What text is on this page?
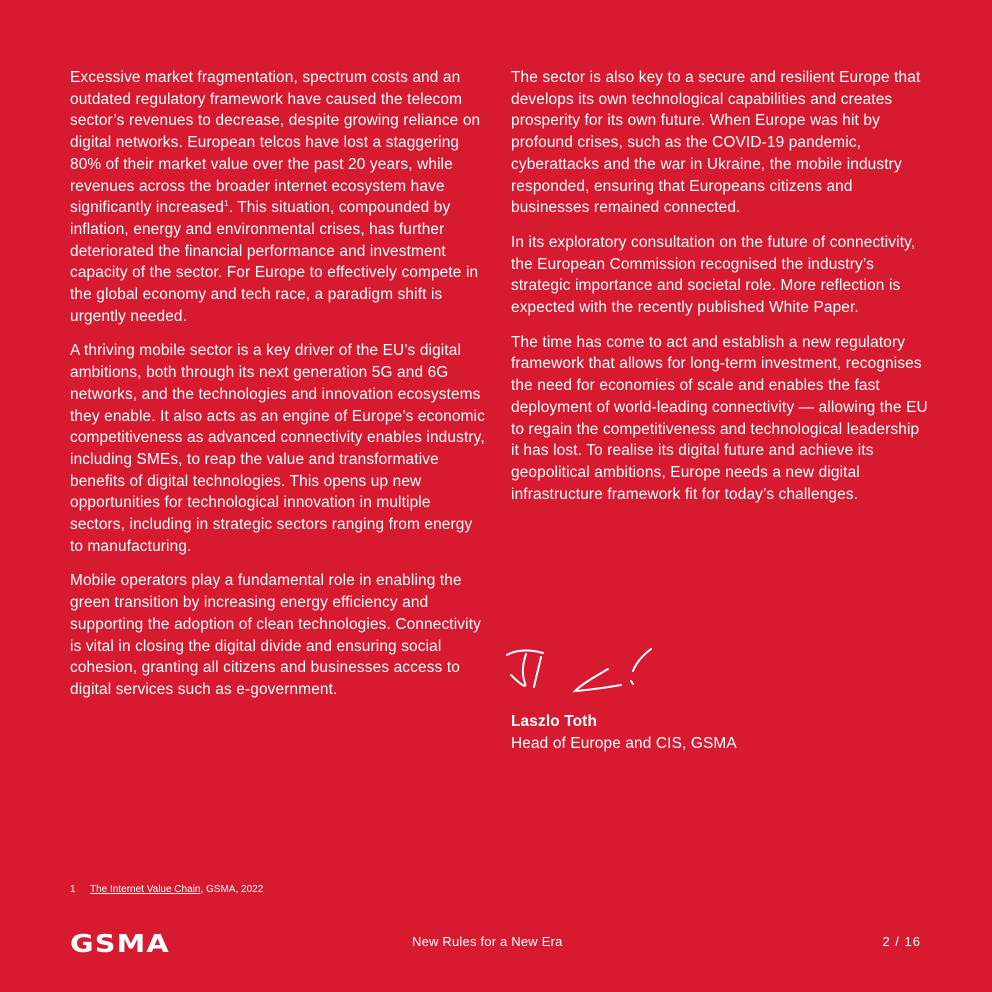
Excessive market fragmentation, spectrum costs and an outdated regulatory framework have caused the telecom sector’s revenues to decrease, despite growing reliance on digital networks. European telcos have lost a staggering 80% of their market value over the past 20 years, while revenues across the broader internet ecosystem have significantly increased$^1$. This situation, compounded by inflation, energy and environmental crises, has further deteriorated the financial performance and investment capacity of the sector. For Europe to effectively compete in the global economy and tech race, a paradigm shift is urgently needed.

A thriving mobile sector is a key driver of the EU’s digital ambitions, both through its next generation 5G and 6G networks, and the technologies and innovation ecosystems they enable. It also acts as an engine of Europe’s economic competitiveness as advanced connectivity enables industry, including SMEs, to reap the value and transformative benefits of digital technologies. This opens up new opportunities for technological innovation in multiple sectors, including in strategic sectors ranging from energy to manufacturing.

Mobile operators play a fundamental role in enabling the green transition by increasing energy efficiency and supporting the adoption of clean technologies. Connectivity is vital in closing the digital divide and ensuring social cohesion, granting all citizens and businesses access to digital services such as e-government.

The sector is also key to a secure and resilient Europe that develops its own technological capabilities and creates prosperity for its own future. When Europe was hit by profound crises, such as the COVID-19 pandemic, cyberattacks and the war in Ukraine, the mobile industry responded, ensuring that Europeans citizens and businesses remained connected.

In its exploratory consultation on the future of connectivity, the European Commission recognised the industry’s strategic importance and societal role. More reflection is expected with the recently published White Paper.

The time has come to act and establish a new regulatory framework that allows for long-term investment, recognises the need for economies of scale and enables the fast deployment of world-leading connectivity — allowing the EU to regain the competitiveness and technological leadership it has lost. To realise its digital future and achieve its geopolitical ambitions, Europe needs a new digital infrastructure framework fit for today’s challenges.

Laszlo Toth
Head of Europe and CIS, GSMA
1 The Internet Value Chain, GSMA, 2022
GSMA	New Rules for a New Era	2 / 16
